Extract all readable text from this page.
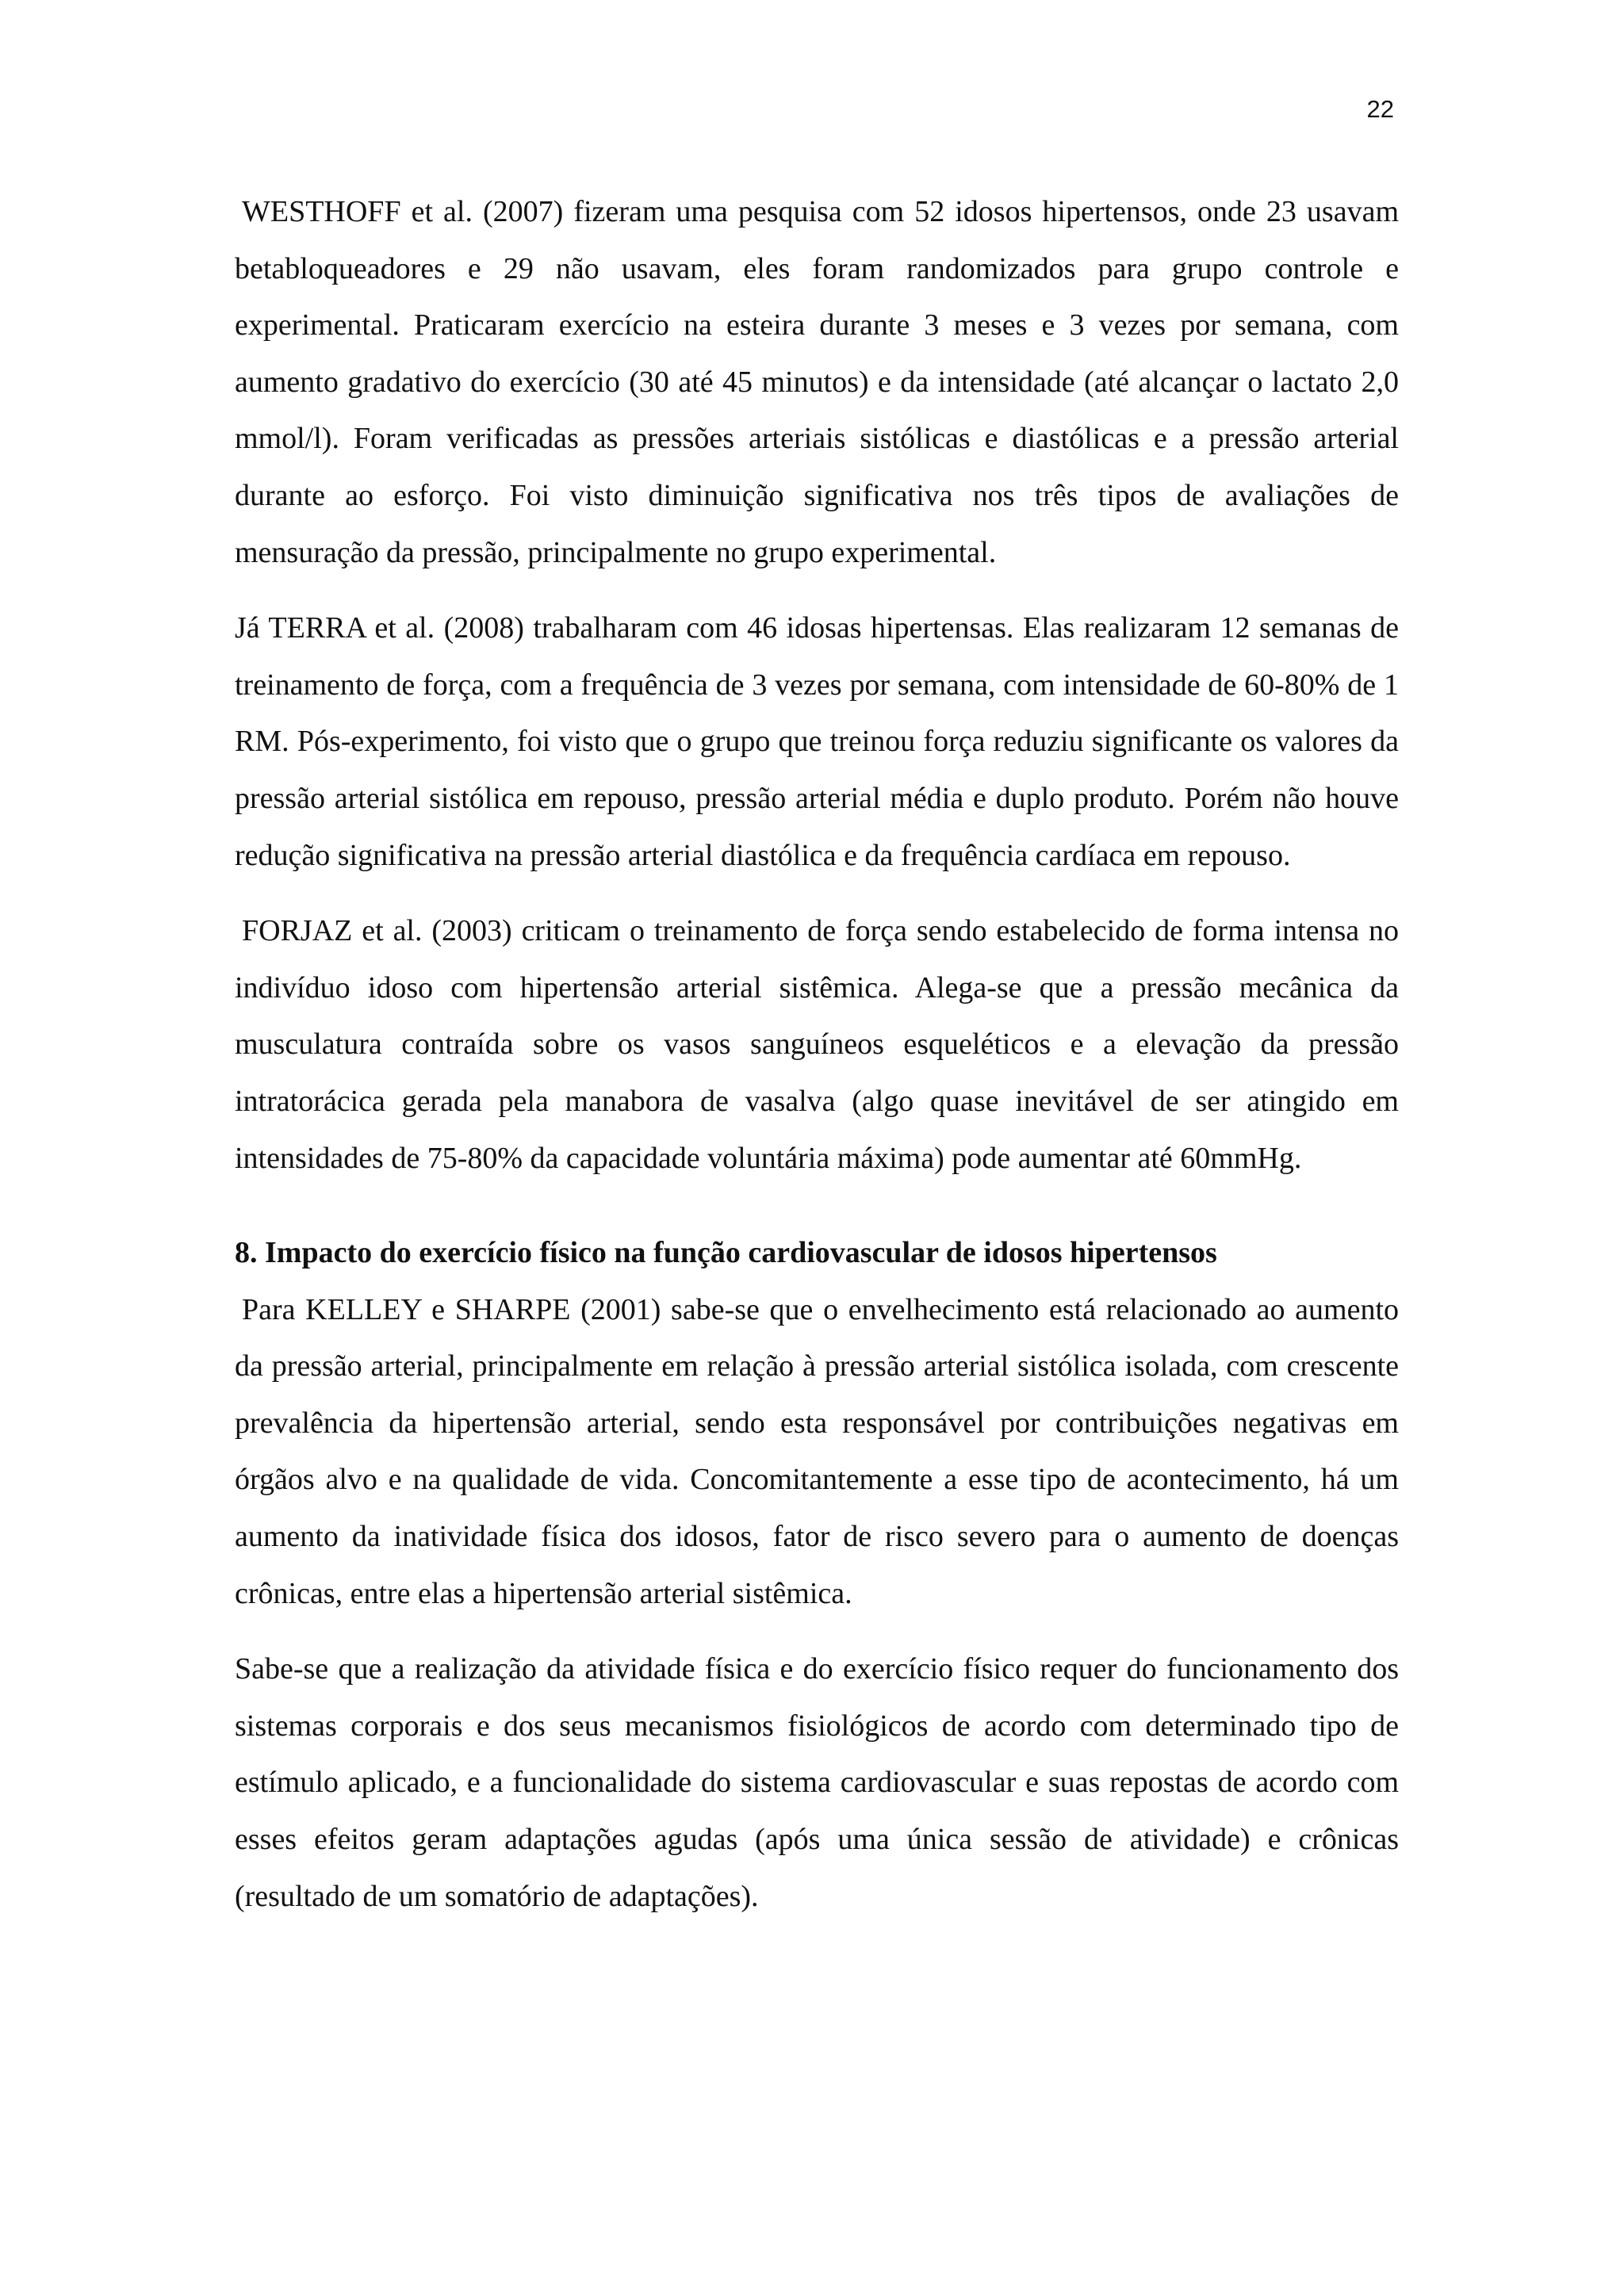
22

WESTHOFF et al. (2007) fizeram uma pesquisa com 52 idosos hipertensos, onde 23 usavam betabloqueadores e 29 não usavam, eles foram randomizados para grupo controle e experimental. Praticaram exercício na esteira durante 3 meses e 3 vezes por semana, com aumento gradativo do exercício (30 até 45 minutos) e da intensidade (até alcançar o lactato 2,0 mmol/l). Foram verificadas as pressões arteriais sistólicas e diastólicas e a pressão arterial durante ao esforço. Foi visto diminuição significativa nos três tipos de avaliações de mensuração da pressão, principalmente no grupo experimental.

Já TERRA et al. (2008) trabalharam com 46 idosas hipertensas. Elas realizaram 12 semanas de treinamento de força, com a frequência de 3 vezes por semana, com intensidade de 60-80% de 1 RM. Pós-experimento, foi visto que o grupo que treinou força reduziu significante os valores da pressão arterial sistólica em repouso, pressão arterial média e duplo produto. Porém não houve redução significativa na pressão arterial diastólica e da frequência cardíaca em repouso.

FORJAZ et al. (2003) criticam o treinamento de força sendo estabelecido de forma intensa no indivíduo idoso com hipertensão arterial sistêmica. Alega-se que a pressão mecânica da musculatura contraída sobre os vasos sanguíneos esqueléticos e a elevação da pressão intratorácica gerada pela manabora de vasalva (algo quase inevitável de ser atingido em intensidades de 75-80% da capacidade voluntária máxima) pode aumentar até 60mmHg.

8. Impacto do exercício físico na função cardiovascular de idosos hipertensos

Para KELLEY e SHARPE (2001) sabe-se que o envelhecimento está relacionado ao aumento da pressão arterial, principalmente em relação à pressão arterial sistólica isolada, com crescente prevalência da hipertensão arterial, sendo esta responsável por contribuições negativas em órgãos alvo e na qualidade de vida. Concomitantemente a esse tipo de acontecimento, há um aumento da inatividade física dos idosos, fator de risco severo para o aumento de doenças crônicas, entre elas a hipertensão arterial sistêmica.

Sabe-se que a realização da atividade física e do exercício físico requer do funcionamento dos sistemas corporais e dos seus mecanismos fisiológicos de acordo com determinado tipo de estímulo aplicado, e a funcionalidade do sistema cardiovascular e suas repostas de acordo com esses efeitos geram adaptações agudas (após uma única sessão de atividade) e crônicas (resultado de um somatório de adaptações).
